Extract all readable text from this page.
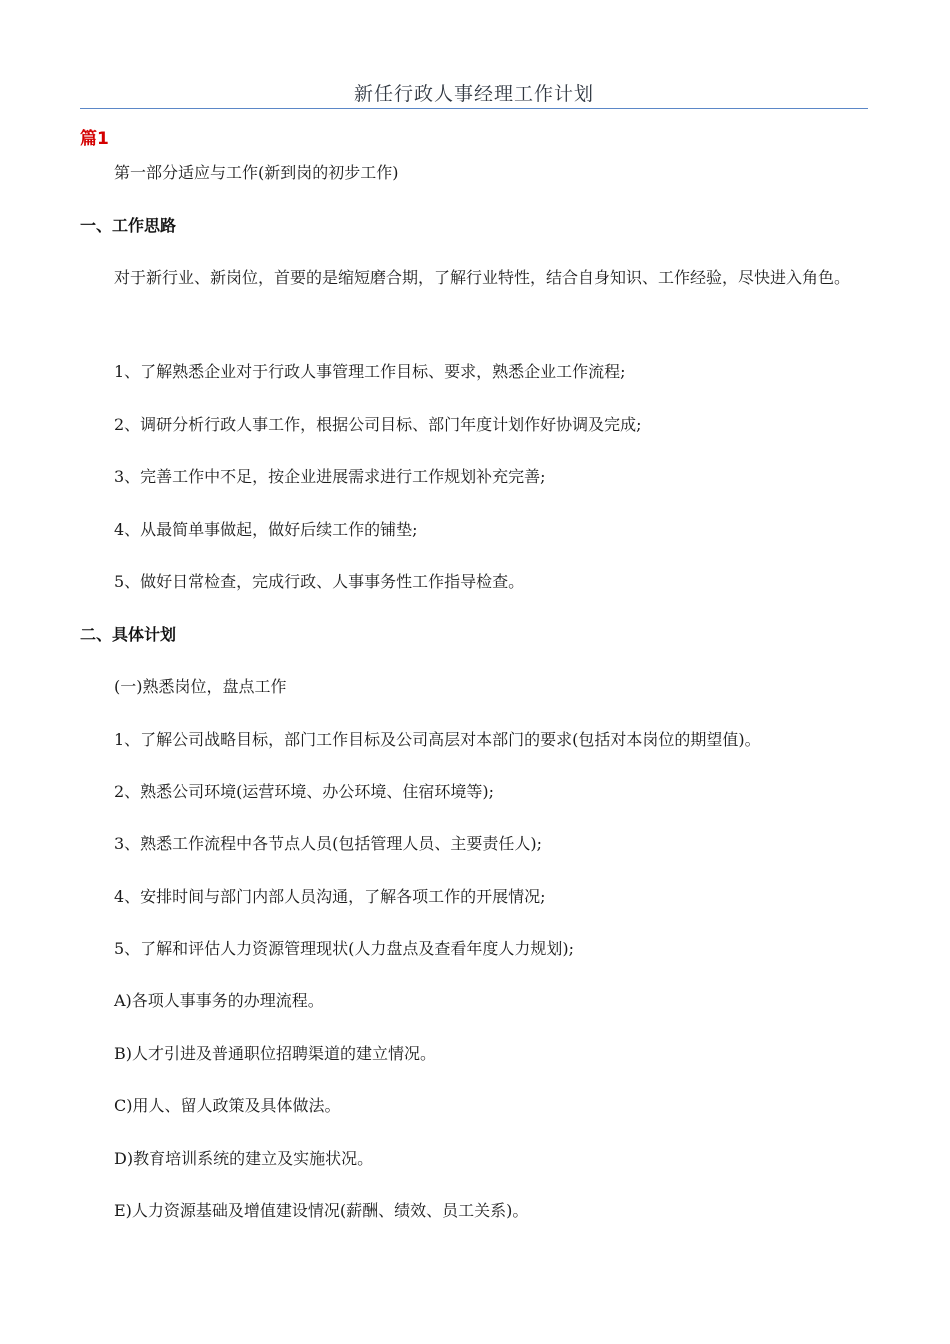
新任行政人事经理工作计划
篇1
第一部分适应与工作(新到岗的初步工作)
一、工作思路
对于新行业、新岗位，首要的是缩短磨合期，了解行业特性，结合自身知识、工作经验，尽快进入角色。
1、了解熟悉企业对于行政人事管理工作目标、要求，熟悉企业工作流程;
2、调研分析行政人事工作，根据公司目标、部门年度计划作好协调及完成;
3、完善工作中不足，按企业进展需求进行工作规划补充完善;
4、从最简单事做起，做好后续工作的铺垫;
5、做好日常检查，完成行政、人事事务性工作指导检查。
二、具体计划
(一)熟悉岗位，盘点工作
1、了解公司战略目标，部门工作目标及公司高层对本部门的要求(包括对本岗位的期望值)。
2、熟悉公司环境(运营环境、办公环境、住宿环境等);
3、熟悉工作流程中各节点人员(包括管理人员、主要责任人);
4、安排时间与部门内部人员沟通，了解各项工作的开展情况;
5、了解和评估人力资源管理现状(人力盘点及查看年度人力规划);
A)各项人事事务的办理流程。
B)人才引进及普通职位招聘渠道的建立情况。
C)用人、留人政策及具体做法。
D)教育培训系统的建立及实施状况。
E)人力资源基础及增值建设情况(薪酬、绩效、员工关系)。
